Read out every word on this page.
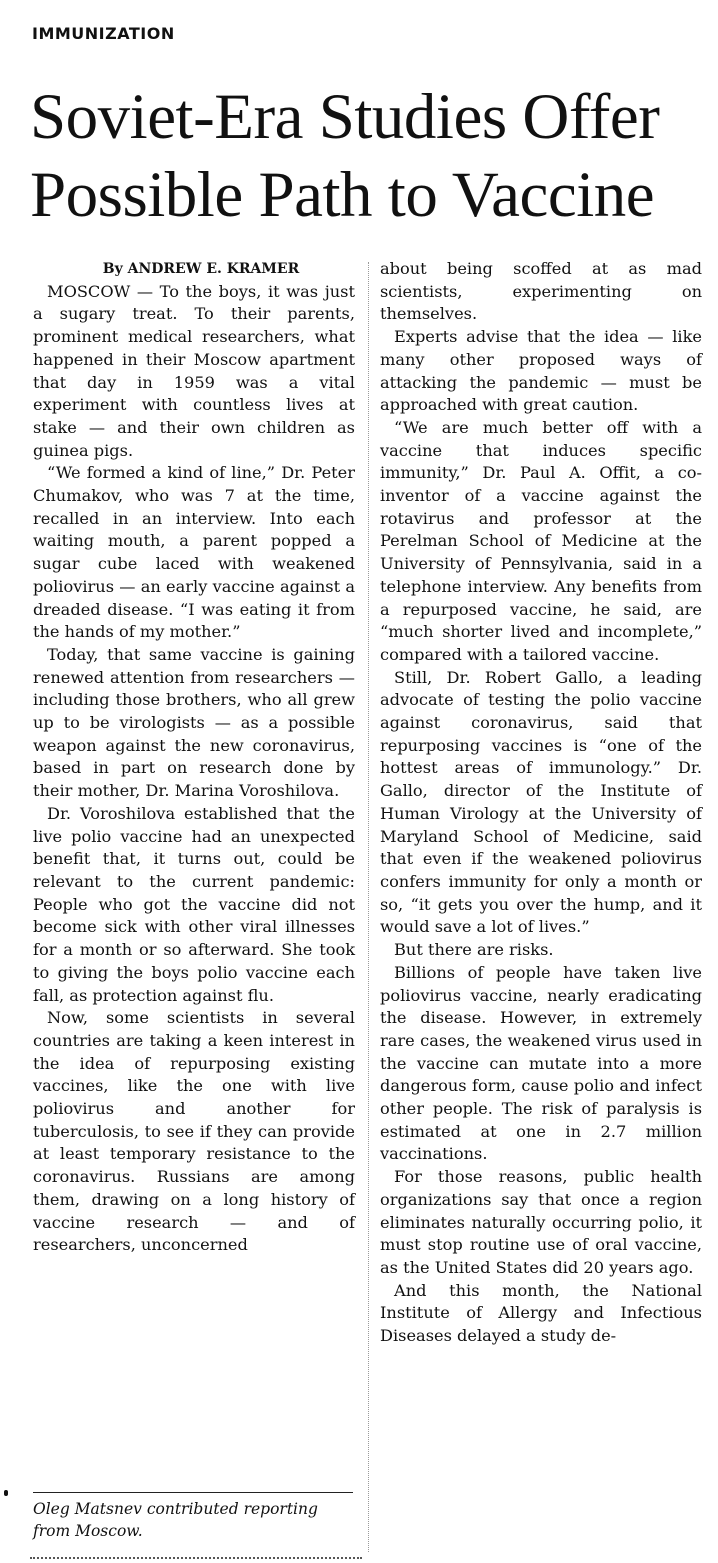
IMMUNIZATION
Soviet-Era Studies Offer
Possible Path to Vaccine

By ANDREW E. KRAMER

MOSCOW — To the boys, it was just a sugary treat. To their parents, prominent medical researchers, what happened in their Moscow apartment that day in 1959 was a vital experiment with countless lives at stake — and their own children as guinea pigs.

“We formed a kind of line,” Dr. Peter Chumakov, who was 7 at the time, recalled in an interview. Into each waiting mouth, a parent popped a sugar cube laced with weakened poliovirus — an early vaccine against a dreaded disease. “I was eating it from the hands of my mother.”

Today, that same vaccine is gaining renewed attention from researchers — including those brothers, who all grew up to be virologists — as a possible weapon against the new coronavirus, based in part on research done by their mother, Dr. Marina Voroshilova.

Dr. Voroshilova established that the live polio vaccine had an unexpected benefit that, it turns out, could be relevant to the current pandemic: People who got the vaccine did not become sick with other viral illnesses for a month or so afterward. She took to giving the boys polio vaccine each fall, as protection against flu.

Now, some scientists in several countries are taking a keen interest in the idea of repurposing existing vaccines, like the one with live poliovirus and another for tuberculosis, to see if they can provide at least temporary resistance to the coronavirus. Russians are among them, drawing on a long history of vaccine research — and of researchers, unconcerned

about being scoffed at as mad scientists, experimenting on themselves.

Experts advise that the idea — like many other proposed ways of attacking the pandemic — must be approached with great caution.

“We are much better off with a vaccine that induces specific immunity,” Dr. Paul A. Offit, a co-inventor of a vaccine against the rotavirus and professor at the Perelman School of Medicine at the University of Pennsylvania, said in a telephone interview. Any benefits from a repurposed vaccine, he said, are “much shorter lived and incomplete,” compared with a tailored vaccine.

Still, Dr. Robert Gallo, a leading advocate of testing the polio vaccine against coronavirus, said that repurposing vaccines is “one of the hottest areas of immunology.” Dr. Gallo, director of the Institute of Human Virology at the University of Maryland School of Medicine, said that even if the weakened poliovirus confers immunity for only a month or so, “it gets you over the hump, and it would save a lot of lives.”

But there are risks.

Billions of people have taken live poliovirus vaccine, nearly eradicating the disease. However, in extremely rare cases, the weakened virus used in the vaccine can mutate into a more dangerous form, cause polio and infect other people. The risk of paralysis is estimated at one in 2.7 million vaccinations.

For those reasons, public health organizations say that once a region eliminates naturally occurring polio, it must stop routine use of oral vaccine, as the United States did 20 years ago.

And this month, the National Institute of Allergy and Infectious Diseases delayed a study de-

Oleg Matsnev contributed reporting from Moscow.
